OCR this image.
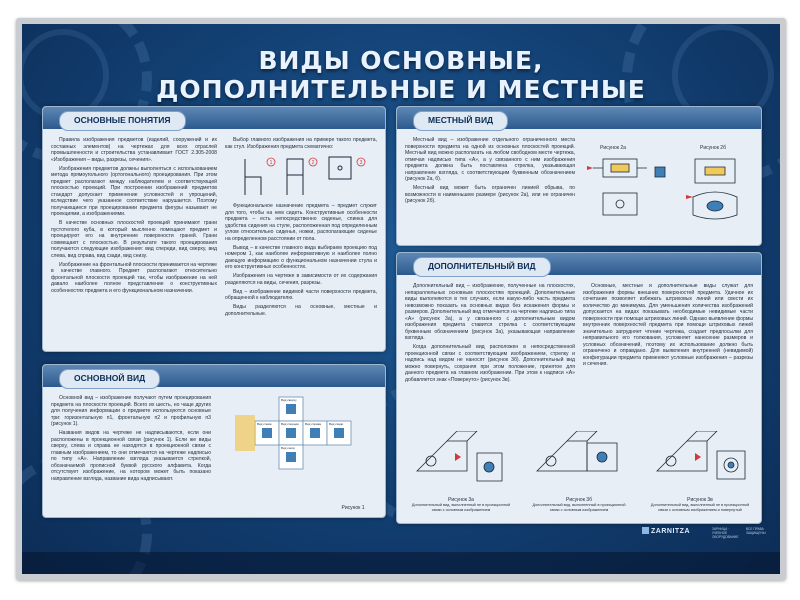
ВИДЫ ОСНОВНЫЕ,
ДОПОЛНИТЕЛЬНЫЕ И МЕСТНЫЕ
ОСНОВНЫЕ ПОНЯТИЯ

Правила изображения предметов (изделий, сооружений и их составных элементов) на чертежах для всех отраслей промышленности и строительства устанавливает ГОСТ 2.305-2008 «Изображения – виды, разрезы, сечения».

Изображения предметов должны выполняться с использованием метода прямоугольного (ортогонального) проецирования. При этом предмет располагают между наблюдателем и соответствующей плоскостью проекций. При построении изображений предметов стандарт допускает применение условностей и упрощений, вследствие чего указанное соответствие нарушается. Поэтому получающиеся при проецировании предмета фигуры называют не проекциями, а изображениями.

В качестве основных плоскостей проекций принимают грани пустотелого куба, в который мысленно помещают предмет и проецируют его на внутренние поверхности граней. Грани совмещают с плоскостью. В результате такого проецирования получаются следующие изображения: вид спереди, вид сверху, вид слева, вид справа, вид сзади, вид снизу.

Изображение на фронтальной плоскости принимается на чертеже в качестве главного. Предмет располагают относительно фронтальной плоскости проекций так, чтобы изображение на ней давало наиболее полное представление о конструктивных особенностях предмета и его функциональном назначении.

Выбор главного изображения на примере такого предмета, как стул. Изображения предмета схематично:

1	2	3

Функциональное назначение предмета – предмет служит для того, чтобы на нем сидеть. Конструктивные особенности предмета – есть непосредственно сиденье, спинка для удобства сидения на стуле, расположенная под определенным углом относительно сиденья, ножки, располагающие сиденье на определенном расстоянии от пола.

Вывод – в качестве главного вида выбираем проекцию под номером 1, как наиболее информативную и наиболее полно дающую информацию о функциональном назначении стула и его конструктивных особенностях.

Изображения на чертеже в зависимости от их содержания разделяются на виды, сечения, разрезы.

Вид – изображение видимой части поверхности предмета, обращенной к наблюдателю.

Виды разделяются на основные, местные и дополнительные.

ОСНОВНОЙ ВИД

Основной вид – изображение получают путем проецирования предмета на плоскости проекций. Всего их шесть, но чаще других для получения информации о предмете используются основные три: горизонтальную п1, фронтальную п2 и профильную п3 (рисунок 1).

Названия видов на чертеже не надписываются, если они расположены в проекционной связи (рисунок 1). Если же виды сверху, слева и справа не находятся в проекционной связи с главным изображением, то они отмечаются на чертеже надписью по типу «А». Направление взгляда указывается стрелкой, обозначаемой прописной буквой русского алфавита. Когда отсутствует изображение, на котором может быть показано направление взгляда, название вида надписывают.

Вид сверху
Вид слева	Вид спереди Вид справа	Вид сзади
Вид снизу
Рисунок 1
МЕСТНЫЙ ВИД

Местный вид – изображение отдельного ограниченного места поверхности предмета на одной из основных плоскостей проекций. Местный вид можно располагать на любом свободном месте чертежа, отмечая надписью типа «А», а у связанного с ним изображения предмета должна быть поставлена стрелка, указывающая направление взгляда, с соответствующим буквенным обозначением (рисунок 2а, б).

Местный вид может быть ограничен линией обрыва, по возможности в наименьшем размере (рисунок 2а), или не ограничен (рисунок 2б).

Рисунок 2а	Рисунок 2б
ДОПОЛНИТЕЛЬНЫЙ ВИД

Дополнительный вид – изображение, полученные на плоскостях, непараллельных основным плоскостям проекций. Дополнительные виды выполняются в тех случаях, если какую-либо часть предмета невозможно показать на основных видах без искажения формы и размеров. Дополнительный вид отмечается на чертеже надписью типа «А» (рисунок 3а), а у связанного с дополнительным видом изображения предмета ставится стрелка с соответствующим буквенным обозначением (рисунок 3а), указывающая направление взгляда.

Когда дополнительный вид расположен в непосредственной проекционной связи с соответствующим изображением, стрелку и надпись над видом не наносят (рисунок 3б). Дополнительный вид можно повернуть, сохраняя при этом положение, принятое для данного предмета на главном изображении. При этом к надписи «А» добавляется знак «Повернуто» (рисунок 3в).

Основные, местные и дополнительные виды служат для изображения формы внешних поверхностей предмета. Удачное их сочетание позволяет избежать штриховых линий или свести их количество до минимума. Для уменьшения количества изображений допускается на видах показывать необходимые невидимые части поверхности при помощи штриховых линий. Однако выявление формы внутренних поверхностей предмета при помощи штриховых линий значительно затрудняет чтение чертежа, создает предпосылки для неправильного его толкования, усложняет нанесение размеров и условных обозначений, поэтому их использование должно быть ограничено и оправдано. Для выявления внутренней (невидимой) конфигурации предмета применяют условные изображения – разрезы и сечения.

Рисунок 3а
Дополнительный вид, выполненный не в проекционной связи с основным изображением
Рисунок 3б
Дополнительный вид, выполненный в проекционной связи с основным изображением
Рисунок 3в
Дополнительный вид, выполненный не в проекционной связи с основным изображением и повернутый
ZARNITZA	ЗАРНИЦА · УЧЕБНОЕ ОБОРУДОВАНИЕ
ВСЕ ПРАВА ЗАЩИЩЕНЫ
